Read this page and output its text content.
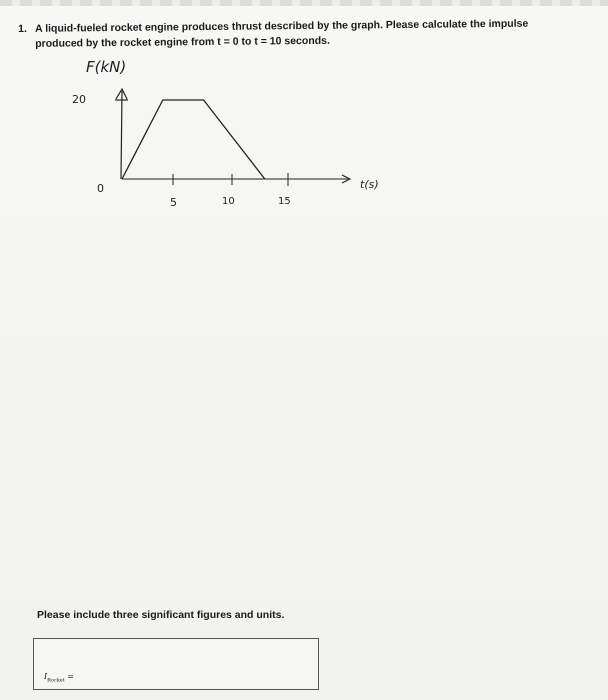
1. A liquid-fueled rocket engine produces thrust described by the graph. Please calculate the impulse produced by the rocket engine from t = 0 to t = 10 seconds.
F(kN)
20
0
5	10	15
t(s)
Please include three significant figures and units.
$I_{Rocket}$ =
